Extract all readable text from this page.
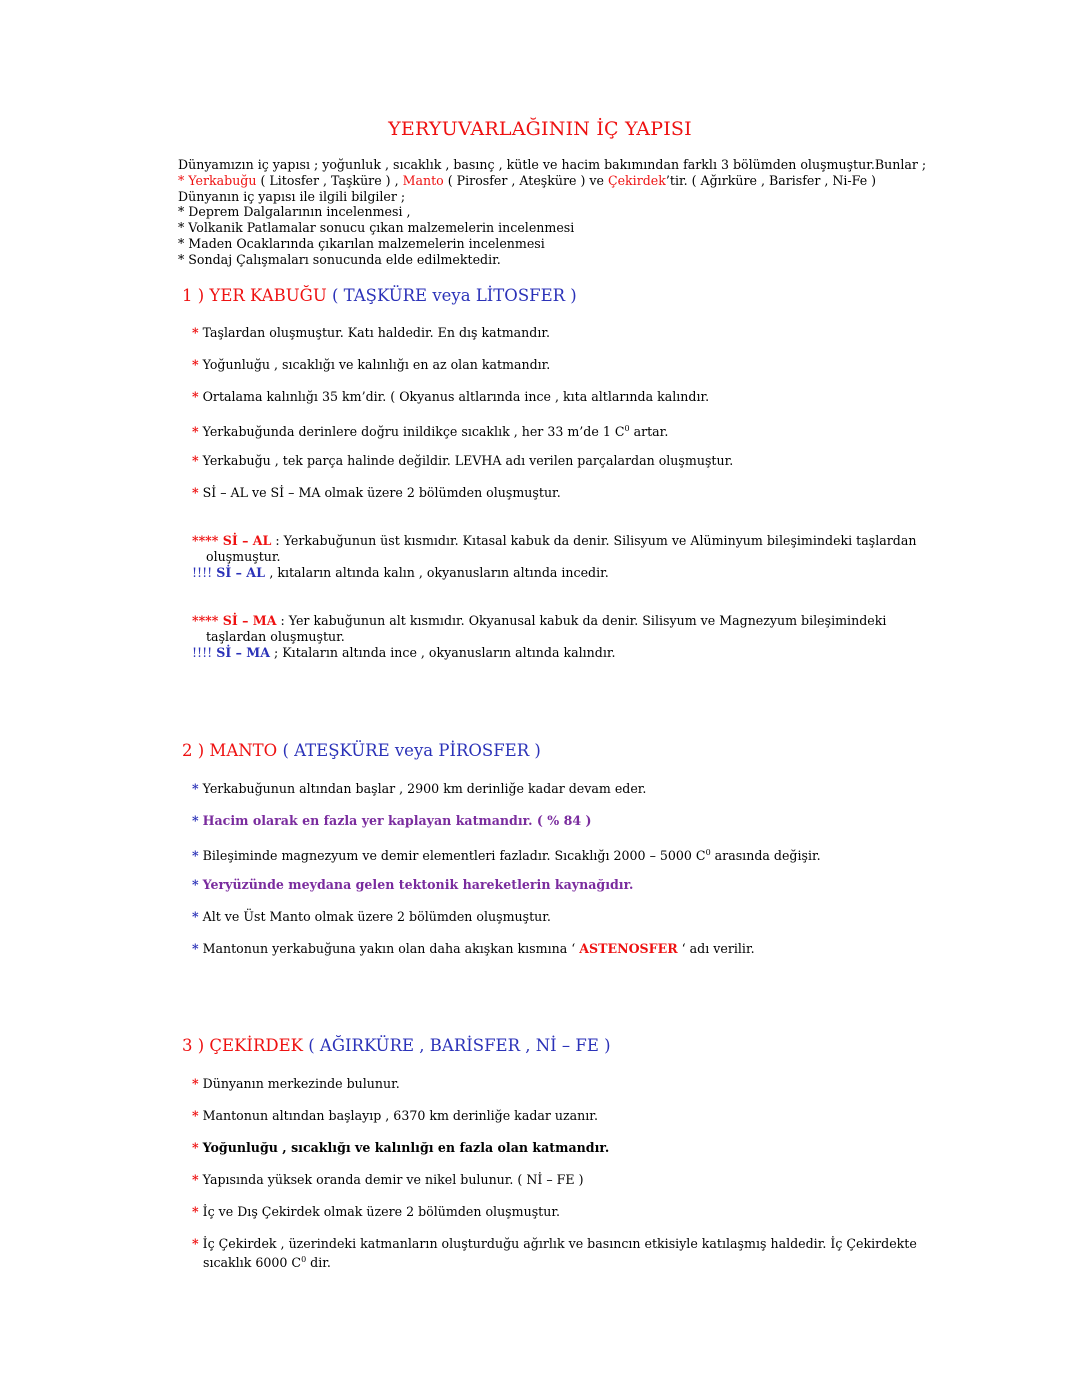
YERYUVARLAĞININ İÇ YAPISI
Dünyamızın iç yapısı ; yoğunluk , sıcaklık , basınç , kütle ve hacim bakımından farklı 3 bölümden oluşmuştur.Bunlar ;
* Yerkabuğu ( Litosfer , Taşküre ) , Manto ( Pirosfer , Ateşküre ) ve Çekirdek’tir. ( Ağırküre , Barisfer , Ni-Fe )
Dünyanın iç yapısı ile ilgili bilgiler ;
* Deprem Dalgalarının incelenmesi ,
* Volkanik Patlamalar sonucu çıkan malzemelerin incelenmesi
* Maden Ocaklarında çıkarılan malzemelerin incelenmesi
* Sondaj Çalışmaları sonucunda elde edilmektedir.
1 ) YER KABUĞU ( TAŞKÜRE veya LİTOSFER )
* Taşlardan oluşmuştur. Katı haldedir. En dış katmandır.
* Yoğunluğu , sıcaklığı ve kalınlığı en az olan katmandır.
* Ortalama kalınlığı 35 km’dir. ( Okyanus altlarında ince , kıta altlarında kalındır.
* Yerkabuğunda derinlere doğru inildikçe sıcaklık , her 33 m’de 1 $C^0$ artar.
* Yerkabuğu , tek parça halinde değildir. LEVHA adı verilen parçalardan oluşmuştur.
* Sİ – AL ve Sİ – MA olmak üzere 2 bölümden oluşmuştur.
**** Sİ – AL : Yerkabuğunun üst kısmıdır. Kıtasal kabuk da denir. Silisyum ve Alüminyum bileşimindeki taşlardan
oluşmuştur.
!!!! Sİ – AL , kıtaların altında kalın , okyanusların altında incedir.
**** Sİ – MA : Yer kabuğunun alt kısmıdır. Okyanusal kabuk da denir. Silisyum ve Magnezyum bileşimindeki
taşlardan oluşmuştur.
!!!! Sİ – MA ; Kıtaların altında ince , okyanusların altında kalındır.
2 ) MANTO ( ATEŞKÜRE veya PİROSFER )
* Yerkabuğunun altından başlar , 2900 km derinliğe kadar devam eder.
* Hacim olarak en fazla yer kaplayan katmandır. ( % 84 )
* Bileşiminde magnezyum ve demir elementleri fazladır. Sıcaklığı 2000 – 5000 $C^0$ arasında değişir.
* Yeryüzünde meydana gelen tektonik hareketlerin kaynağıdır.
* Alt ve Üst Manto olmak üzere 2 bölümden oluşmuştur.
* Mantonun yerkabuğuna yakın olan daha akışkan kısmına ‘ ASTENOSFER ‘ adı verilir.
3 ) ÇEKİRDEK ( AĞIRKÜRE , BARİSFER , Nİ – FE )
* Dünyanın merkezinde bulunur.
* Mantonun altından başlayıp , 6370 km derinliğe kadar uzanır.
* Yoğunluğu , sıcaklığı ve kalınlığı en fazla olan katmandır.
* Yapısında yüksek oranda demir ve nikel bulunur. ( Nİ – FE )
* İç ve Dış Çekirdek olmak üzere 2 bölümden oluşmuştur.
* İç Çekirdek , üzerindeki katmanların oluşturduğu ağırlık ve basıncın etkisiyle katılaşmış haldedir. İç Çekirdekte
sıcaklık 6000 $C^0$ dir.
